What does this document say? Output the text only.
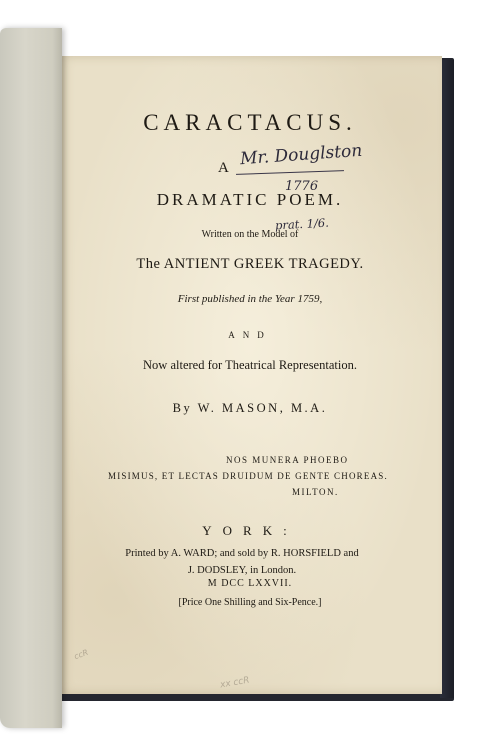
CARACTACUS.
A Mr. Douglston
1776
DRAMATIC POEM.
prat. 1/6.
Written on the Model of
The ANTIENT GREEK TRAGEDY.
First published in the Year 1759,
AND
Now altered for Theatrical Representation.
By W. MASON, M.A.
NOS MUNERA PHOEBO
MISIMUS, ET LECTAS DRUIDUM DE GENTE CHOREAS.
MILTON.
YORK:
Printed by A. WARD; and sold by R. HORSFIELD and
J. DODSLEY, in London.
M DCC LXXVII.
[Price One Shilling and Six-Pence.]
xx ccR
ccR
